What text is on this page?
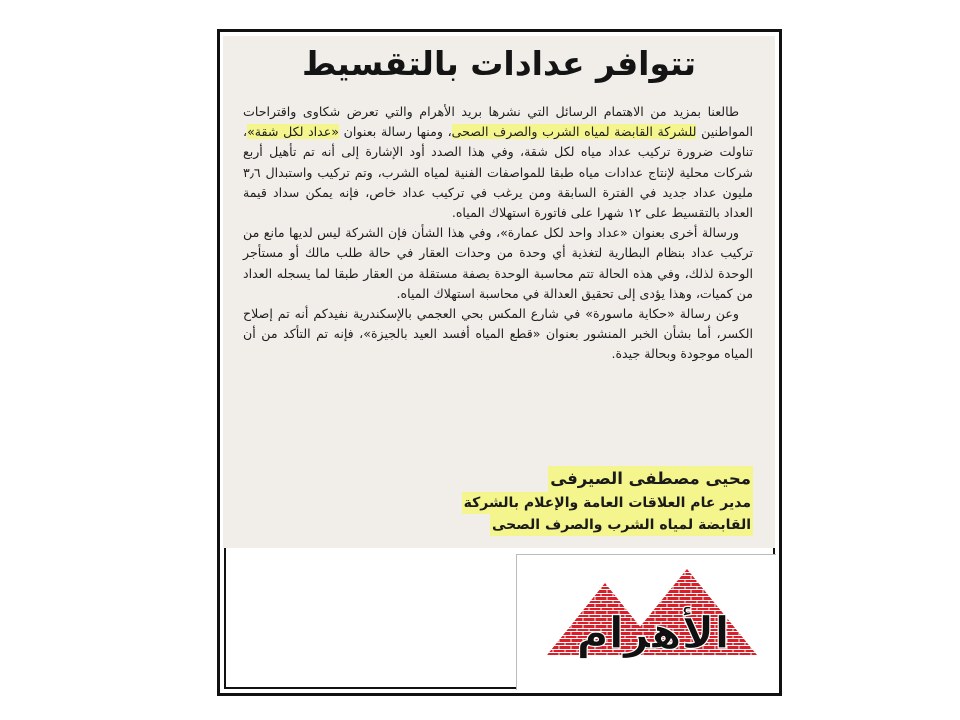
تتوافر عدادات بالتقسيط

طالعنا بمزيد من الاهتمام الرسائل التي نشرها بريد الأهرام والتي تعرض شكاوى واقتراحات المواطنين للشركة القابضة لمياه الشرب والصرف الصحى، ومنها رسالة بعنوان «عداد لكل شقة»، تناولت ضرورة تركيب عداد مياه لكل شقة، وفي هذا الصدد أود الإشارة إلى أنه تم تأهيل أربع شركات محلية لإنتاج عدادات مياه طبقا للمواصفات الفنية لمياه الشرب، وتم تركيب واستبدال ٣٫٦ مليون عداد جديد في الفترة السابقة ومن يرغب في تركيب عداد خاص، فإنه يمكن سداد قيمة العداد بالتقسيط على ١٢ شهرا على فاتورة استهلاك المياه.

ورسالة أخرى بعنوان «عداد واحد لكل عمارة»، وفي هذا الشأن فإن الشركة ليس لديها مانع من تركيب عداد بنظام البطارية لتغذية أي وحدة من وحدات العقار في حالة طلب مالك أو مستأجر الوحدة لذلك، وفي هذه الحالة تتم محاسبة الوحدة بصفة مستقلة من العقار طبقا لما يسجله العداد من كميات، وهذا يؤدى إلى تحقيق العدالة في محاسبة استهلاك المياه.

وعن رسالة «حكاية ماسورة» في شارع المكس بحي العجمي بالإسكندرية نفيدكم أنه تم إصلاح الكسر، أما بشأن الخبر المنشور بعنوان «قطع المياه أفسد العيد بالجيزة»، فإنه تم التأكد من أن المياه موجودة وبحالة جيدة.

محيى مصطفى الصيرفى
مدير عام العلاقات العامة والإعلام بالشركة
القابضة لمياه الشرب والصرف الصحى
الأهرام
